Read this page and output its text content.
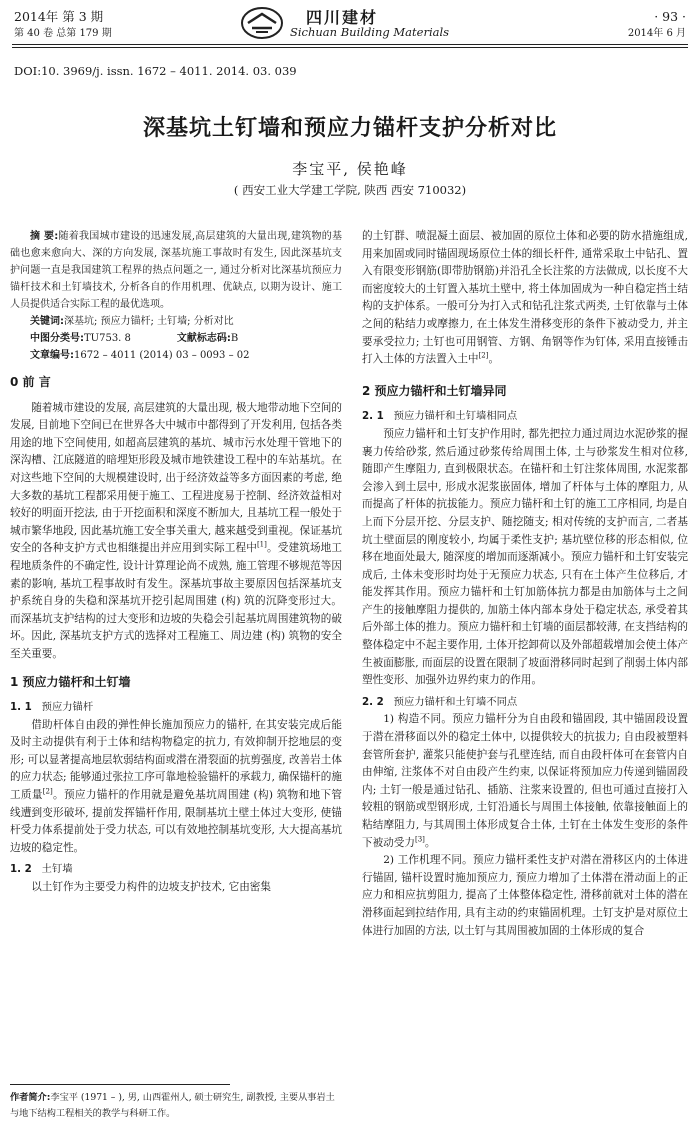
2014年 第 3 期
第 40 卷 总第 179 期
四川建材
Sichuan Building Materials
· 93 ·
2014年 6 月
DOI:10. 3969/j. issn. 1672 – 4011. 2014. 03. 039
深基坑土钉墙和预应力锚杆支护分析对比
李宝平, 侯艳峰
( 西安工业大学建工学院, 陕西 西安 710032)

摘 要:随着我国城市建设的迅速发展,高层建筑的大量出现,建筑物的基础也愈来愈向大、深的方向发展, 深基坑施工事故时有发生, 因此深基坑支护问题一直是我国建筑工程界的热点问题之一, 通过分析对比深基坑预应力锚杆技术和土钉墙技术, 分析各自的作用机理、优缺点, 以期为设计、施工人员提供适合实际工程的最优选项。

关键词:深基坑; 预应力锚杆; 土钉墙; 分析对比

中图分类号:TU753. 8	文献标志码:B

文章编号:1672 – 4011 (2014) 03 – 0093 – 02

0 前 言

随着城市建设的发展, 高层建筑的大量出现, 极大地带动地下空间的发展, 目前地下空间已在世界各大中城市中都得到了开发利用, 包括各类用途的地下空间使用, 如超高层建筑的基坑、城市污水处理干管地下的深沟槽、江底隧道的暗埋矩形段及城市地铁建设工程中的车站基坑。在对这些地下空间的大规模建设时, 出于经济效益等多方面因素的考虑, 绝大多数的基坑工程都采用便于施工、工程进度易于控制、经济效益相对较好的明面开挖法, 由于开挖面积和深度不断加大, 且基坑工程一般处于城市繁华地段, 因此基坑施工安全事关重大, 越来越受到重视。保证基坑安全的各种支护方式也相继提出并应用到实际工程中[1]。受建筑场地工程地质条件的不确定性, 设计计算理论尚不成熟, 施工管理不够规范等因素的影响, 基坑工程事故时有发生。深基坑事故主要原因包括深基坑支护系统自身的失稳和深基坑开挖引起周围建 (构) 筑的沉降变形过大。而深基坑支护结构的过大变形和边坡的失稳会引起基坑周围建筑物的破坏。因此, 深基坑支护方式的选择对工程施工、周边建 (构) 筑物的安全至关重要。

1 预应力锚杆和土钉墙
1. 1 预应力锚杆

借助杆体自由段的弹性伸长施加预应力的锚杆, 在其安装完成后能及时主动提供有利于土体和结构物稳定的抗力, 有效抑制开挖地层的变形; 可以显著提高地层软弱结构面或潜在滑裂面的抗剪强度, 改善岩土体的应力状态; 能够通过张拉工序可靠地检验锚杆的承载力, 确保锚杆的施工质量[2]。预应力锚杆的作用就是避免基坑周围建 (构) 筑物和地下管线遭到变形破坏, 提前发挥锚杆作用, 限制基坑土壁土体过大变形, 使锚杆受力体系提前处于受力状态, 可以有效地控制基坑变形, 大大提高基坑边坡的稳定性。

1. 2 土钉墙

以土钉作为主要受力构件的边坡支护技术, 它由密集

作者简介:李宝平 (1971 – ), 男, 山西霍州人, 硕士研究生, 副教授, 主要从事岩土与地下结构工程相关的教学与科研工作。

的土钉群、喷混凝土面层、被加固的原位土体和必要的防水措施组成, 用来加固或同时锚固现场原位土体的细长杆件, 通常采取土中钻孔、置入有限变形钢筋(即带肋钢筋)并沿孔全长注浆的方法做成, 以长度不大而密度较大的土钉置入基坑土壁中, 将土体加固成为一种自稳定挡土结构的支护体系。一般可分为打入式和钻孔注浆式两类, 土钉依靠与土体之间的粘结力或摩擦力, 在土体发生滑移变形的条件下被动受力, 并主要承受拉力; 土钉也可用钢管、方钢、角钢等作为钉体, 采用直接锤击打入土体的方法置入土中[2]。

2 预应力锚杆和土钉墙异同
2. 1 预应力锚杆和土钉墙相同点

预应力锚杆和土钉支护作用时, 都先把拉力通过周边水泥砂浆的握裹力传给砂浆, 然后通过砂浆传给周围土体, 土与砂浆发生相对位移, 随即产生摩阻力, 直到极限状态。在锚杆和土钉注浆体周围, 水泥浆都会渗入到土层中, 形成水泥浆嵌固体, 增加了杆体与土体的摩阻力, 从而提高了杆体的抗拔能力。预应力锚杆和土钉的施工工序相同, 均是自上而下分层开挖、分层支护、随挖随支; 相对传统的支护而言, 二者基坑土壁面层的刚度较小, 均属于柔性支护; 基坑壁位移的形态相似, 位移在地面处最大, 随深度的增加而逐渐减小。预应力锚杆和土钉安装完成后, 土体未变形时均处于无预应力状态, 只有在土体产生位移后, 才能发挥其作用。预应力锚杆和土钉加筋体抗力都是由加筋体与土之间产生的接触摩阻力提供的, 加筋土体内部本身处于稳定状态, 承受着其后外部土体的推力。预应力锚杆和土钉墙的面层都较薄, 在支挡结构的整体稳定中不起主要作用, 土体开挖卸荷以及外部超载增加会使土体产生被面膨胀, 而面层的设置在限制了坡面滑移同时起到了削弱土体内部塑性变形、加强外边界约束力的作用。

2. 2 预应力锚杆和土钉墙不同点

1) 构造不同。预应力锚杆分为自由段和锚固段, 其中锚固段设置于潜在滑移面以外的稳定土体中, 以提供较大的抗拔力; 自由段被塑料套管所套护, 灌浆只能使护套与孔壁连结, 而自由段杆体可在套管内自由伸缩, 注浆体不对自由段产生约束, 以保证将预加应力传递到锚固段内; 土钉一般是通过钻孔、插筋、注浆来设置的, 但也可通过直接打入较粗的钢筋或型钢形成, 土钉沿通长与周围土体接触, 依靠接触面上的粘结摩阻力, 与其周围土体形成复合土体, 土钉在土体发生变形的条件下被动受力[3]。

2) 工作机理不同。预应力锚杆柔性支护对潜在滑移区内的土体进行锚固, 锚杆设置时施加预应力, 预应力增加了土体潜在滑动面上的正应力和相应抗剪阻力, 提高了土体整体稳定性, 滑移前就对土体的潜在滑移面起到拉结作用, 具有主动的约束锚固机理。土钉支护是对原位土体进行加固的方法, 以土钉与其周围被加固的土体形成的复合
